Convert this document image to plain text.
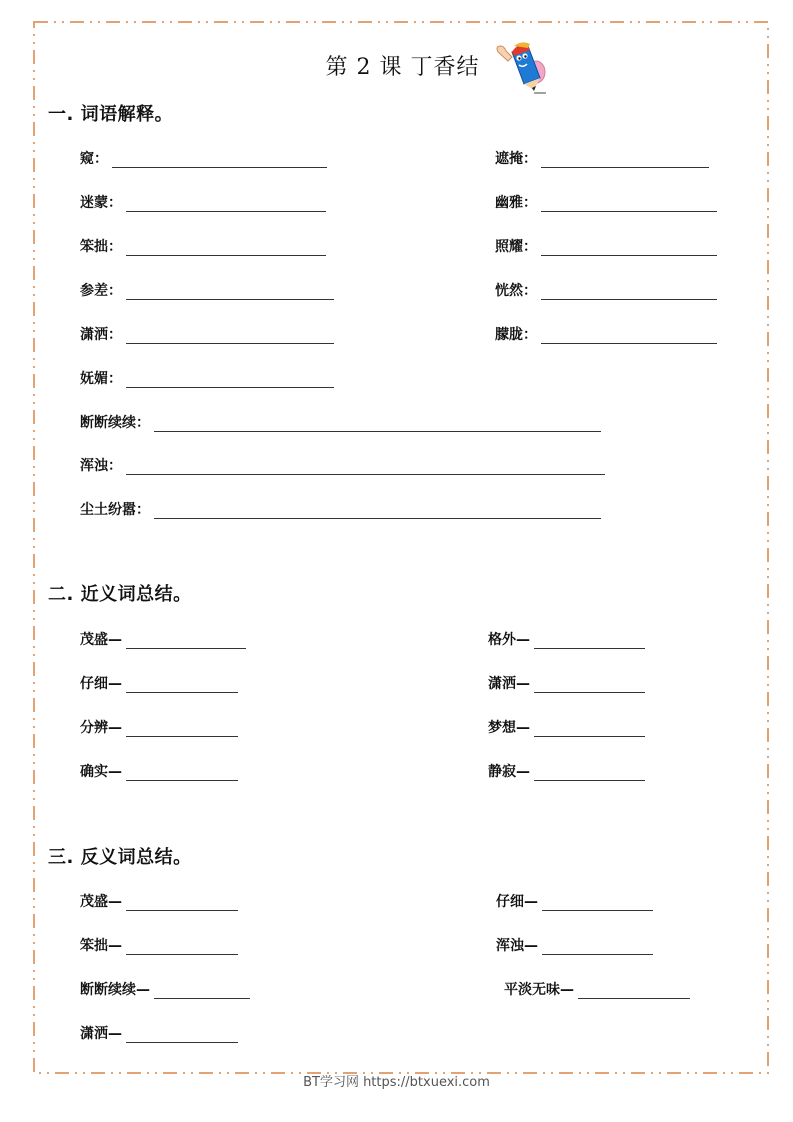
第 2 课 丁香结
一. 词语解释。
窥：	遮掩：
迷蒙：	幽雅：
笨拙：	照耀：
参差：	恍然：
潇洒：	朦胧：
妩媚：
断断续续：
浑浊：
尘土纷嚣：
二. 近义词总结。
茂盛—	格外—
仔细—	潇洒—
分辨—	梦想—
确实—	静寂—
三. 反义词总结。
茂盛—	仔细—
笨拙—	浑浊—
断断续续—	平淡无味—
潇洒—
BT学习网 https://btxuexi.com
